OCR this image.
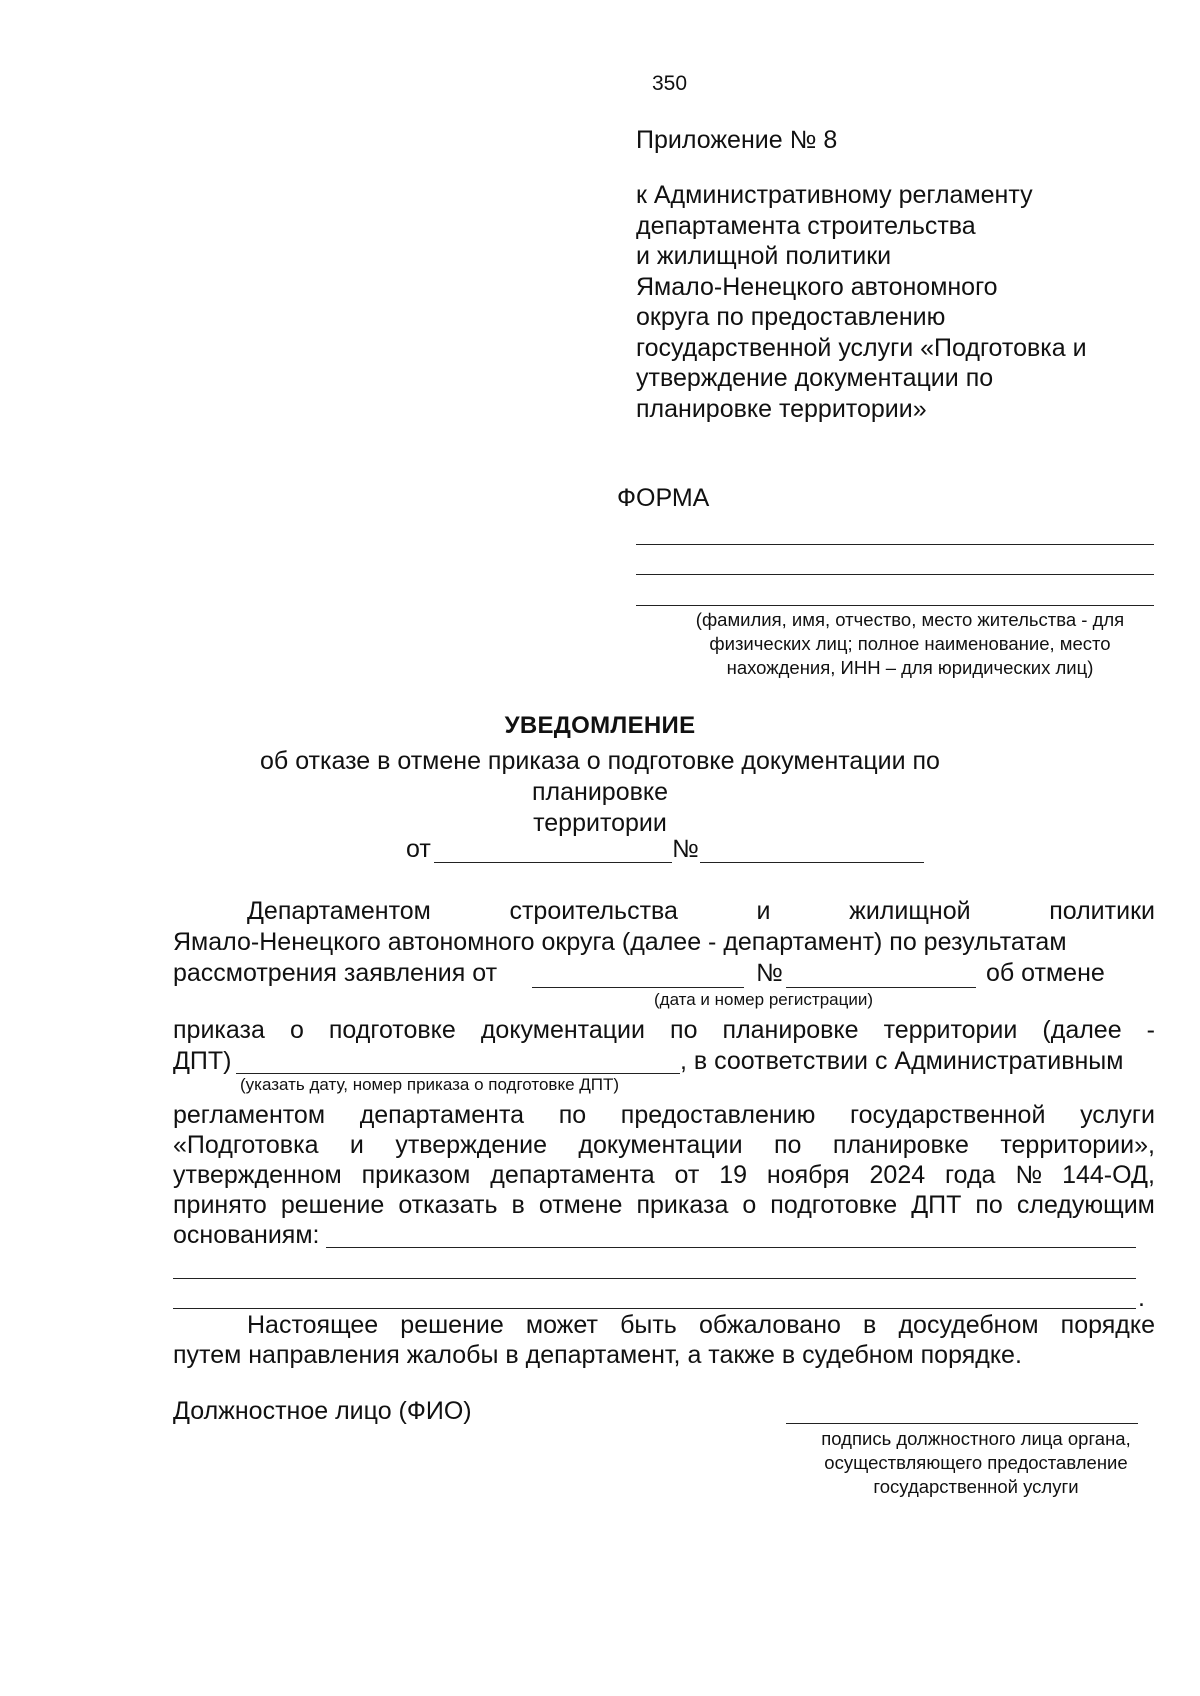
350
Приложение № 8
к Административному регламенту
департамента строительства
и жилищной политики
Ямало-Ненецкого автономного
округа по предоставлению
государственной услуги «Подготовка и
утверждение документации по
планировке территории»
ФОРМА
(фамилия, имя, отчество, место жительства - для
физических лиц; полное наименование, место
нахождения, ИНН – для юридических лиц)
УВЕДОМЛЕНИЕ
об отказе в отмене приказа о подготовке документации по планировке
территории
от	№
Департаментом	строительства	и	жилищной	политики
Ямало-Ненецкого автономного округа (далее - департамент) по результатам
рассмотрения заявления от	№	об отмене
(дата и номер регистрации)
приказа о подготовке документации по планировке территории (далее -
ДПТ)	, в соответствии с Административным
(указать дату, номер приказа о подготовке ДПТ)
регламентом департамента по предоставлению государственной услуги
«Подготовка и утверждение документации по планировке территории»,
утвержденном приказом департамента от 19 ноября 2024 года № 144-ОД,
принято решение отказать в отмене приказа о подготовке ДПТ по следующим
основаниям:
.
Настоящее решение может быть обжаловано в досудебном порядке
путем направления жалобы в департамент, а также в судебном порядке.
Должностное лицо (ФИО)
подпись должностного лица органа,
осуществляющего предоставление
государственной услуги
